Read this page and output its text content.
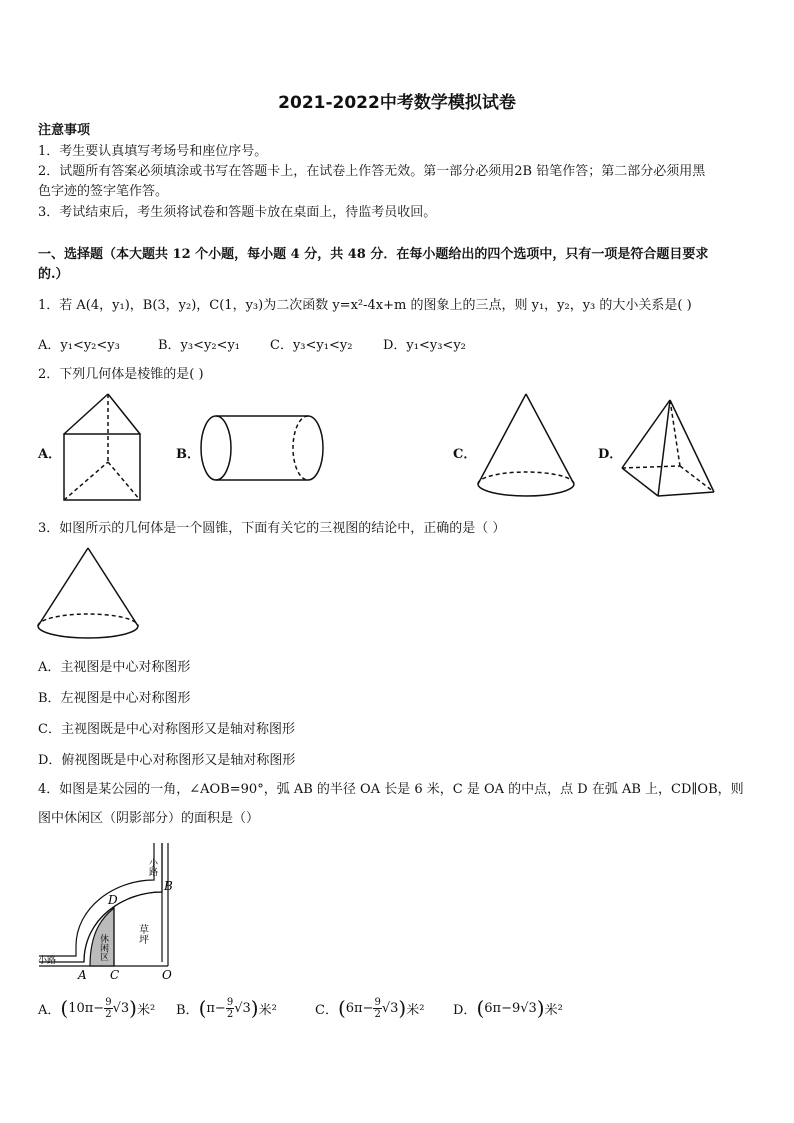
2021-2022中考数学模拟试卷
注意事项
1．考生要认真填写考场号和座位序号。
2．试题所有答案必须填涂或书写在答题卡上，在试卷上作答无效。第一部分必须用2B 铅笔作答；第二部分必须用黑
色字迹的签字笔作答。
3．考试结束后，考生须将试卷和答题卡放在桌面上，待监考员收回。
一、选择题（本大题共 12 个小题，每小题 4 分，共 48 分．在每小题给出的四个选项中，只有一项是符合题目要求
的.）
1．若 A(4，y₁)，B(3，y₂)，C(1，y₃)为二次函数 y=x²-4x+m 的图象上的三点，则 y₁，y₂，y₃ 的大小关系是( )
A．y₁<y₂<y₃	B．y₃<y₂<y₁ C．y₃<y₁<y₂ D．y₁<y₃<y₂
2．下列几何体是棱锥的是( )
A．	B．	C．	D．
3．如图所示的几何体是一个圆锥，下面有关它的三视图的结论中，正确的是（ ）
A．主视图是中心对称图形
B．左视图是中心对称图形
C．主视图既是中心对称图形又是轴对称图形
D．俯视图既是中心对称图形又是轴对称图形
4．如图是某公园的一角，∠AOB=90°，弧 AB 的半径 OA 长是 6 米，C 是 OA 的中点，点 D 在弧 AB 上，CD∥OB，则
图中休闲区（阴影部分）的面积是（）
小路
小路	休闲区	草坪
A C	O
B
D
A． ( 10 $\pi- \frac{9}{2} √3$ ) 米² B． ( $\pi- \frac{9}{2} √3$ ) 米²	C． ( 6 $\pi- \frac{9}{2} √3$ ) 米² D． ( 6 π −9√3 ) 米²
